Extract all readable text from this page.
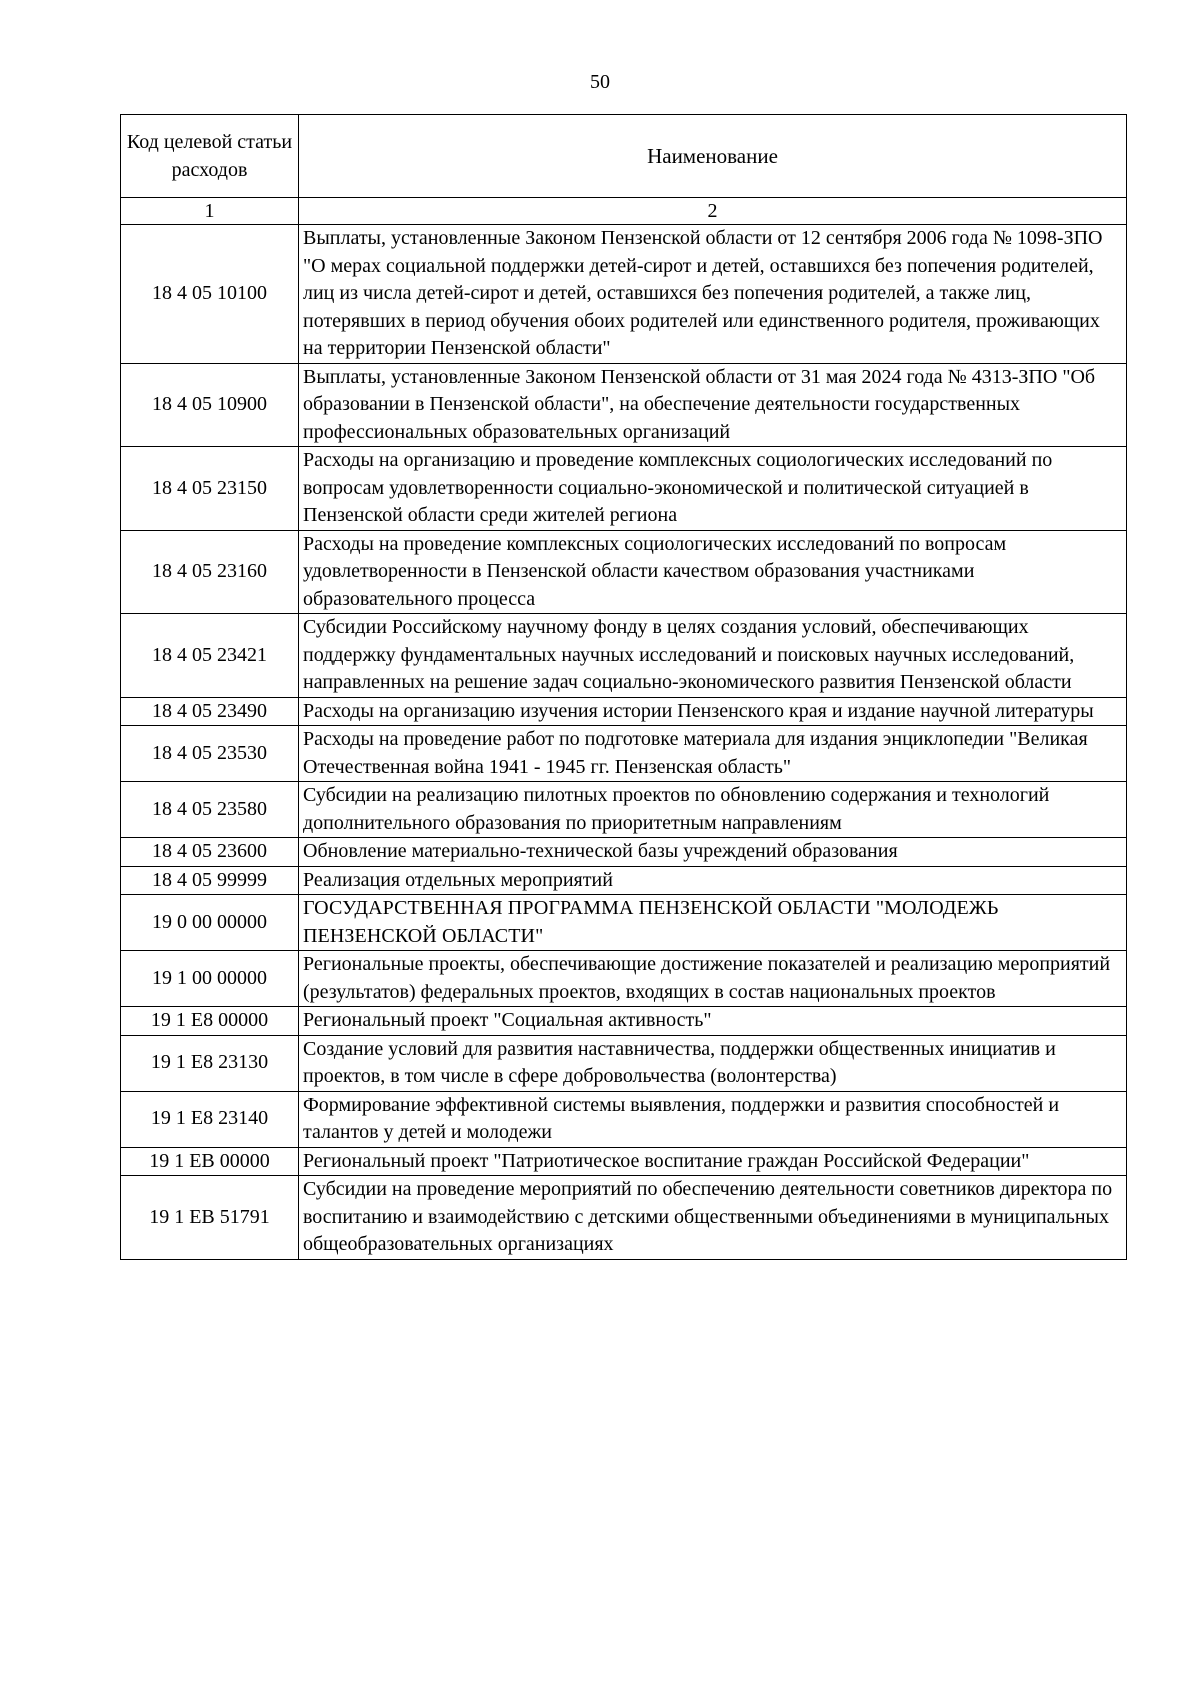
50
Код целевой статьи расходов	Наименование
1	2
18 4 05 10100	Выплаты, установленные Законом Пензенской области от 12 сентября 2006 года № 1098-ЗПО "О мерах социальной поддержки детей-сирот и детей, оставшихся без попечения родителей, лиц из числа детей-сирот и детей, оставшихся без попечения родителей, а также лиц, потерявших в период обучения обоих родителей или единственного родителя, проживающих на территории Пензенской области"
18 4 05 10900	Выплаты, установленные Законом Пензенской области от 31 мая 2024 года № 4313-ЗПО "Об образовании в Пензенской области", на обеспечение деятельности государственных профессиональных образовательных организаций
18 4 05 23150	Расходы на организацию и проведение комплексных социологических исследований по вопросам удовлетворенности социально-экономической и политической ситуацией в Пензенской области среди жителей региона
18 4 05 23160	Расходы на проведение комплексных социологических исследований по вопросам удовлетворенности в Пензенской области качеством образования участниками образовательного процесса
18 4 05 23421	Субсидии Российскому научному фонду в целях создания условий, обеспечивающих поддержку фундаментальных научных исследований и поисковых научных исследований, направленных на решение задач социально-экономического развития Пензенской области
18 4 05 23490	Расходы на организацию изучения истории Пензенского края и издание научной литературы
18 4 05 23530	Расходы на проведение работ по подготовке материала для издания энциклопедии "Великая Отечественная война 1941 - 1945 гг. Пензенская область"
18 4 05 23580	Субсидии на реализацию пилотных проектов по обновлению содержания и технологий дополнительного образования по приоритетным направлениям
18 4 05 23600	Обновление материально-технической базы учреждений образования
18 4 05 99999	Реализация отдельных мероприятий
19 0 00 00000	ГОСУДАРСТВЕННАЯ ПРОГРАММА ПЕНЗЕНСКОЙ ОБЛАСТИ "МОЛОДЕЖЬ ПЕНЗЕНСКОЙ ОБЛАСТИ"
19 1 00 00000	Региональные проекты, обеспечивающие достижение показателей и реализацию мероприятий (результатов) федеральных проектов, входящих в состав национальных проектов
19 1 E8 00000	Региональный проект "Социальная активность"
19 1 E8 23130	Создание условий для развития наставничества, поддержки общественных инициатив и проектов, в том числе в сфере добровольчества (волонтерства)
19 1 E8 23140	Формирование эффективной системы выявления, поддержки и развития способностей и талантов у детей и молодежи
19 1 EB 00000	Региональный проект "Патриотическое воспитание граждан Российской Федерации"
19 1 EB 51791	Субсидии на проведение мероприятий по обеспечению деятельности советников директора по воспитанию и взаимодействию с детскими общественными объединениями в муниципальных общеобразовательных организациях
